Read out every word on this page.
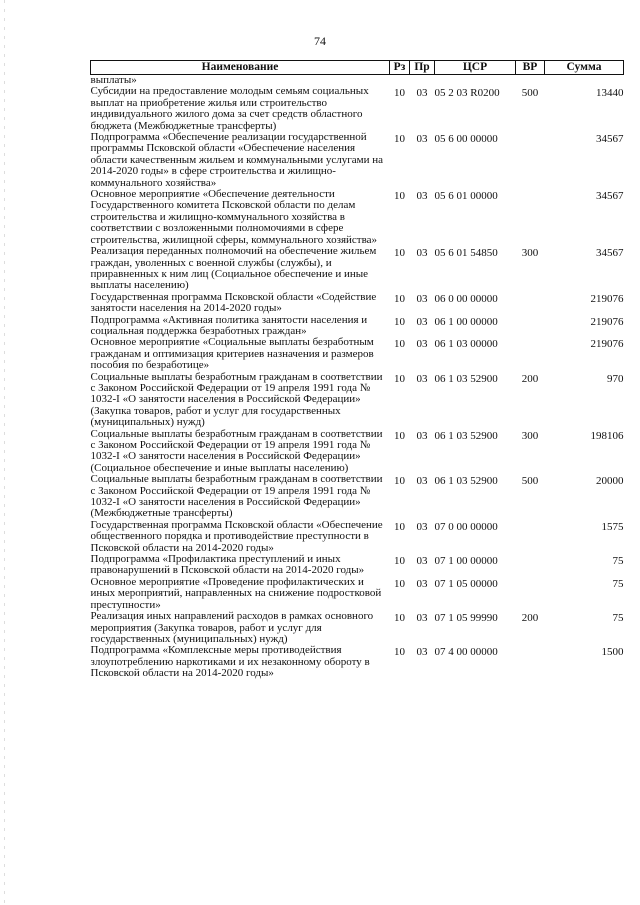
74
Наименование	Рз	Пр	ЦСР	ВР	Сумма
выплаты»					
Субсидии на предоставление молодым семьям социальных выплат на приобретение жилья или строительство индивидуального жилого дома за счет средств областного бюджета (Межбюджетные трансферты)	10	03	05 2 03 R0200	500	13440
Подпрограмма «Обеспечение реализации государственной программы Псковской области «Обеспечение населения области качественным жильем и коммунальными услугами на 2014-2020 годы» в сфере строительства и жилищно-коммунального хозяйства»	10	03	05 6 00 00000		34567
Основное мероприятие «Обеспечение деятельности Государственного комитета Псковской области по делам строительства и жилищно-коммунального хозяйства в соответствии с возложенными полномочиями в сфере строительства, жилищной сферы, коммунального хозяйства»	10	03	05 6 01 00000		34567
Реализация переданных полномочий на обеспечение жильем граждан, уволенных с военной службы (службы), и приравненных к ним лиц (Социальное обеспечение и иные выплаты населению)	10	03	05 6 01 54850	300	34567
Государственная программа Псковской области «Содействие занятости населения на 2014-2020 годы»	10	03	06 0 00 00000		219076
Подпрограмма «Активная политика занятости населения и социальная поддержка безработных граждан»	10	03	06 1 00 00000		219076
Основное мероприятие «Социальные выплаты безработным гражданам и оптимизация критериев назначения и размеров пособия по безработице»	10	03	06 1 03 00000		219076
Социальные выплаты безработным гражданам в соответствии с Законом Российской Федерации от 19 апреля 1991 года № 1032-I «О занятости населения в Российской Федерации» (Закупка товаров, работ и услуг для государственных (муниципальных) нужд)	10	03	06 1 03 52900	200	970
Социальные выплаты безработным гражданам в соответствии с Законом Российской Федерации от 19 апреля 1991 года № 1032-I «О занятости населения в Российской Федерации» (Социальное обеспечение и иные выплаты населению)	10	03	06 1 03 52900	300	198106
Социальные выплаты безработным гражданам в соответствии с Законом Российской Федерации от 19 апреля 1991 года № 1032-I «О занятости населения в Российской Федерации» (Межбюджетные трансферты)	10	03	06 1 03 52900	500	20000
Государственная программа Псковской области «Обеспечение общественного порядка и противодействие преступности в Псковской области на 2014-2020 годы»	10	03	07 0 00 00000		1575
Подпрограмма «Профилактика преступлений и иных правонарушений в Псковской области на 2014-2020 годы»	10	03	07 1 00 00000		75
Основное мероприятие «Проведение профилактических и иных мероприятий, направленных на снижение подростковой преступности»	10	03	07 1 05 00000		75
Реализация иных направлений расходов в рамках основного мероприятия (Закупка товаров, работ и услуг для государственных (муниципальных) нужд)	10	03	07 1 05 99990	200	75
Подпрограмма «Комплексные меры противодействия злоупотреблению наркотиками и их незаконному обороту в Псковской области на 2014-2020 годы»	10	03	07 4 00 00000		1500
